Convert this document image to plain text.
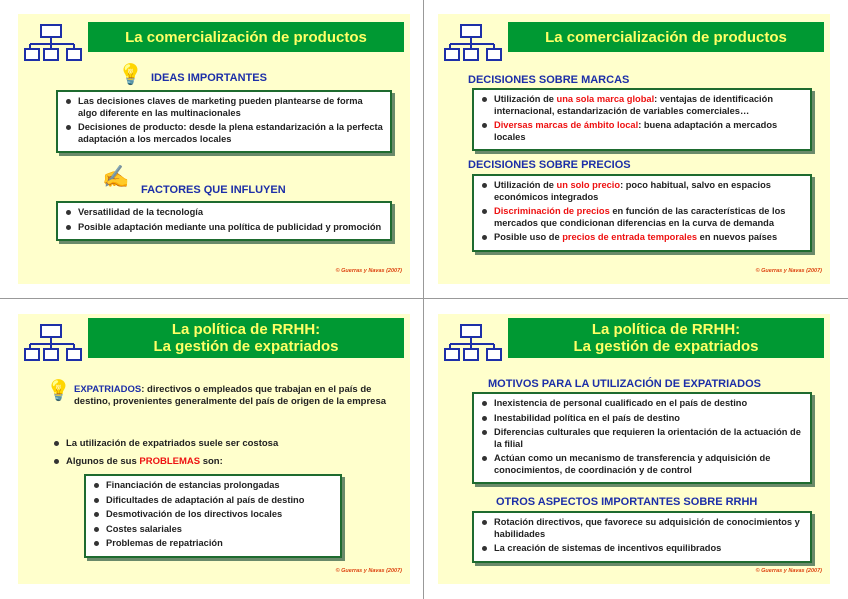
La comercialización de productos
💡 IDEAS IMPORTANTES
Las decisiones claves de marketing pueden plantearse de forma algo diferente en las multinacionales
Decisiones de producto: desde la plena estandarización a la perfecta adaptación a los mercados locales
✍
FACTORES QUE INFLUYEN
Versatilidad de la tecnología
Posible adaptación mediante una política de publicidad y promoción
© Guerras y Navas (2007)
La comercialización de productos
DECISIONES SOBRE MARCAS
Utilización de una sola marca global: ventajas de identificación internacional, estandarización de variables comerciales…
Diversas marcas de ámbito local: buena adaptación a mercados locales
DECISIONES SOBRE PRECIOS
Utilización de un solo precio: poco habitual, salvo en espacios económicos integrados
Discriminación de precios en función de las características de los mercados que condicionan diferencias en la curva de demanda
Posible uso de precios de entrada temporales en nuevos países
© Guerras y Navas (2007)
La política de RRHH:
La gestión de expatriados
💡 EXPATRIADOS: directivos o empleados que trabajan en el país de destino, provenientes generalmente del país de origen de la empresa
La utilización de expatriados suele ser costosa
Algunos de sus PROBLEMAS son:
Financiación de estancias prolongadas
Dificultades de adaptación al país de destino
Desmotivación de los directivos locales
Costes salariales
Problemas de repatriación
© Guerras y Navas (2007)
La política de RRHH:
La gestión de expatriados
MOTIVOS PARA LA UTILIZACIÓN DE EXPATRIADOS
Inexistencia de personal cualificado en el país de destino
Inestabilidad política en el país de destino
Diferencias culturales que requieren la orientación de la actuación de la filial
Actúan como un mecanismo de transferencia y adquisición de conocimientos, de coordinación y de control
OTROS ASPECTOS IMPORTANTES SOBRE RRHH
Rotación directivos, que favorece su adquisición de conocimientos y habilidades
La creación de sistemas de incentivos equilibrados
© Guerras y Navas (2007)
